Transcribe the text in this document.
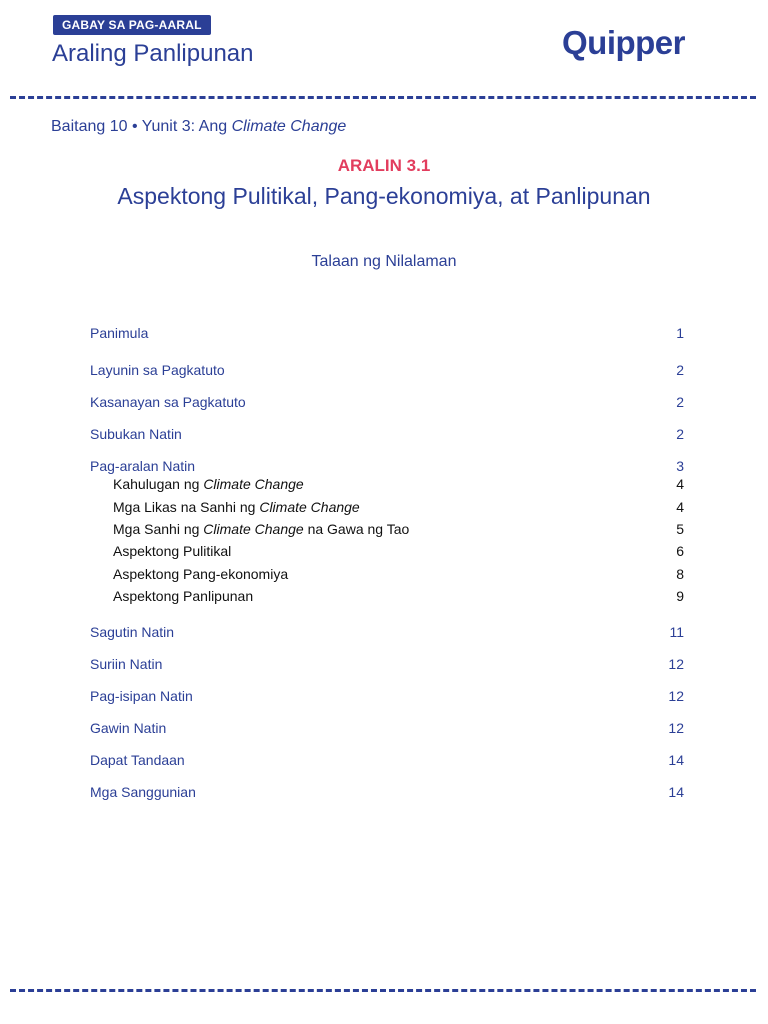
GABAY SA PAG-AARAL
Araling Panlipunan	Quipper
Baitang 10 • Yunit 3: Ang Climate Change
ARALIN 3.1
Aspektong Pulitikal, Pang-ekonomiya, at Panlipunan
Talaan ng Nilalaman
Panimula	1
Layunin sa Pagkatuto	2
Kasanayan sa Pagkatuto	2
Subukan Natin	2
Pag-aralan Natin	3
Kahulugan ng Climate Change	4
Mga Likas na Sanhi ng Climate Change	4
Mga Sanhi ng Climate Change na Gawa ng Tao	5
Aspektong Pulitikal	6
Aspektong Pang-ekonomiya	8
Aspektong Panlipunan	9
Sagutin Natin	11
Suriin Natin	12
Pag-isipan Natin	12
Gawin Natin	12
Dapat Tandaan	14
Mga Sanggunian	14
